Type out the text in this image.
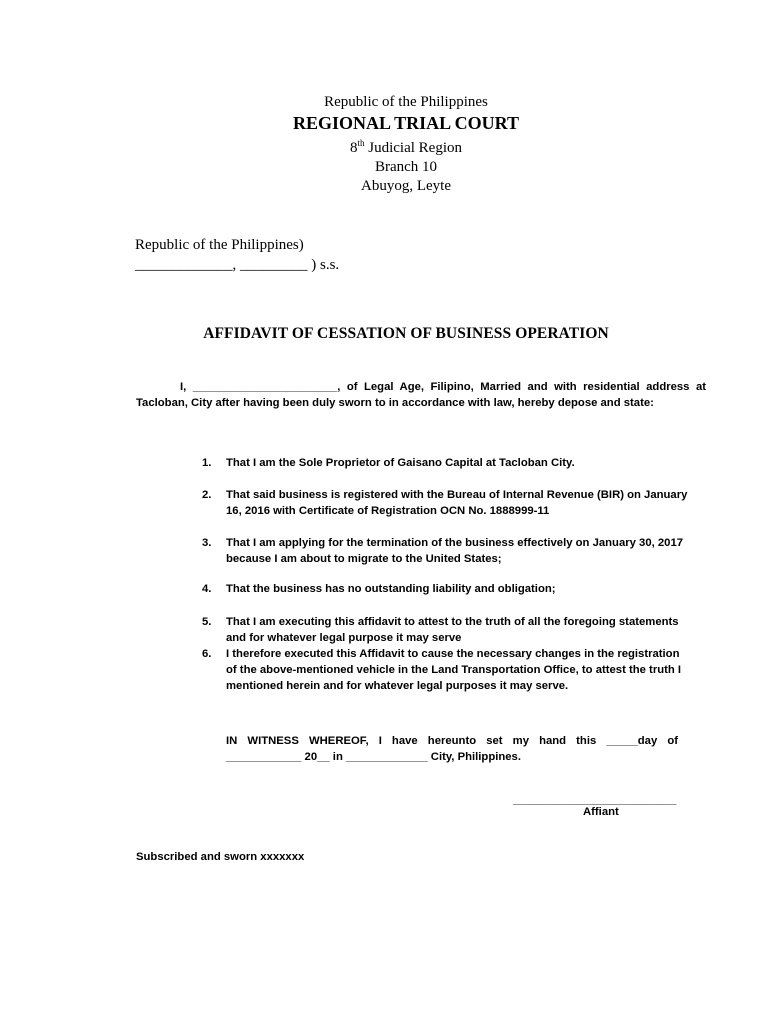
Republic of the Philippines
REGIONAL TRIAL COURT
8th Judicial Region
Branch 10
Abuyog, Leyte
Republic of the Philippines)
_____________, _________ ) s.s.
AFFIDAVIT OF CESSATION OF BUSINESS OPERATION
I, _______________________, of Legal Age, Filipino, Married and with residential address at Tacloban, City after having been duly sworn to in accordance with law, hereby depose and state:
1. That I am the Sole Proprietor of Gaisano Capital at Tacloban City.
2. That said business is registered with the Bureau of Internal Revenue (BIR) on January 16, 2016 with Certificate of Registration OCN No. 1888999-11
3. That I am applying for the termination of the business effectively on January 30, 2017 because I am about to migrate to the United States;
4. That the business has no outstanding liability and obligation;
5. That I am executing this affidavit to attest to the truth of all the foregoing statements and for whatever legal purpose it may serve
6. I therefore executed this Affidavit to cause the necessary changes in the registration of the above-mentioned vehicle in the Land Transportation Office, to attest the truth I mentioned herein and for whatever legal purposes it may serve.
IN WITNESS WHEREOF, I have hereunto set my hand this _____day of ____________ 20__ in _____________ City, Philippines.
__________________________
Affiant
Subscribed and sworn xxxxxxx
